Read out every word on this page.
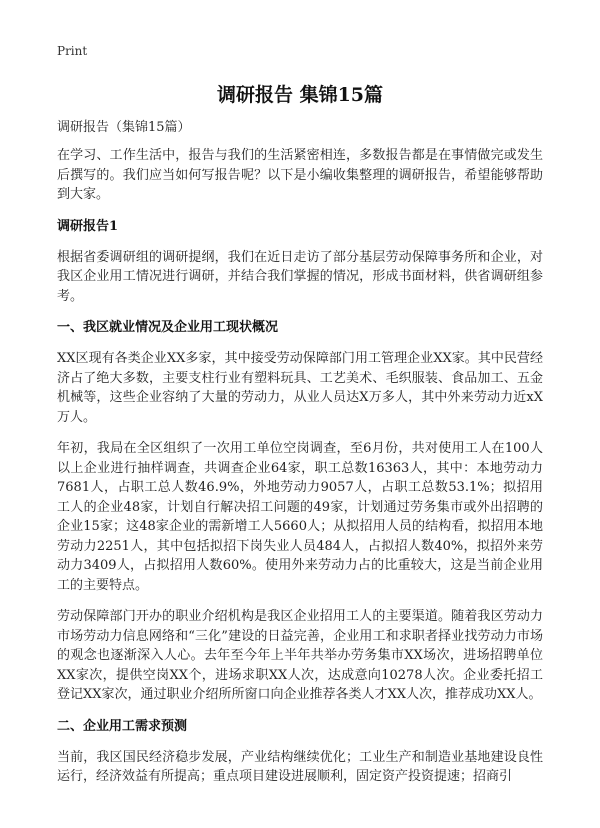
Print
调研报告 集锦15篇
调研报告（集锦15篇）

在学习、工作生活中，报告与我们的生活紧密相连，多数报告都是在事情做完或发生后撰写的。我们应当如何写报告呢？以下是小编收集整理的调研报告，希望能够帮助到大家。

调研报告1

根据省委调研组的调研提纲，我们在近日走访了部分基层劳动保障事务所和企业，对我区企业用工情况进行调研，并结合我们掌握的情况，形成书面材料，供省调研组参考。

一、我区就业情况及企业用工现状概况

XX区现有各类企业XX多家，其中接受劳动保障部门用工管理企业XX家。其中民营经济占了绝大多数，主要支柱行业有塑料玩具、工艺美术、毛织服装、食品加工、五金机械等，这些企业容纳了大量的劳动力，从业人员达X万多人，其中外来劳动力近xX万人。

年初，我局在全区组织了一次用工单位空岗调查，至6月份，共对使用工人在100人以上企业进行抽样调查，共调查企业64家，职工总数16363人，其中：本地劳动力7681人，占职工总人数46.9%，外地劳动力9057人，占职工总数53.1%；拟招用工人的企业48家，计划自行解决招工问题的49家，计划通过劳务集市或外出招聘的企业15家；这48家企业的需新增工人5660人；从拟招用人员的结构看，拟招用本地劳动力2251人，其中包括拟招下岗失业人员484人，占拟招人数40%，拟招外来劳动力3409人，占拟招用人数60%。使用外来劳动力占的比重较大，这是当前企业用工的主要特点。

劳动保障部门开办的职业介绍机构是我区企业招用工人的主要渠道。随着我区劳动力市场劳动力信息网络和“三化”建设的日益完善，企业用工和求职者择业找劳动力市场的观念也逐渐深入人心。去年至今年上半年共举办劳务集市XX场次，进场招聘单位XX家次，提供空岗XX个，进场求职XX人次，达成意向10278人次。企业委托招工登记XX家次，通过职业介绍所所窗口向企业推荐各类人才XX人次，推荐成功XX人。

二、企业用工需求预测

当前，我区国民经济稳步发展，产业结构继续优化；工业生产和制造业基地建设良性运行，经济效益有所提高；重点项目建设进展顺利，固定资产投资提速；招商引
